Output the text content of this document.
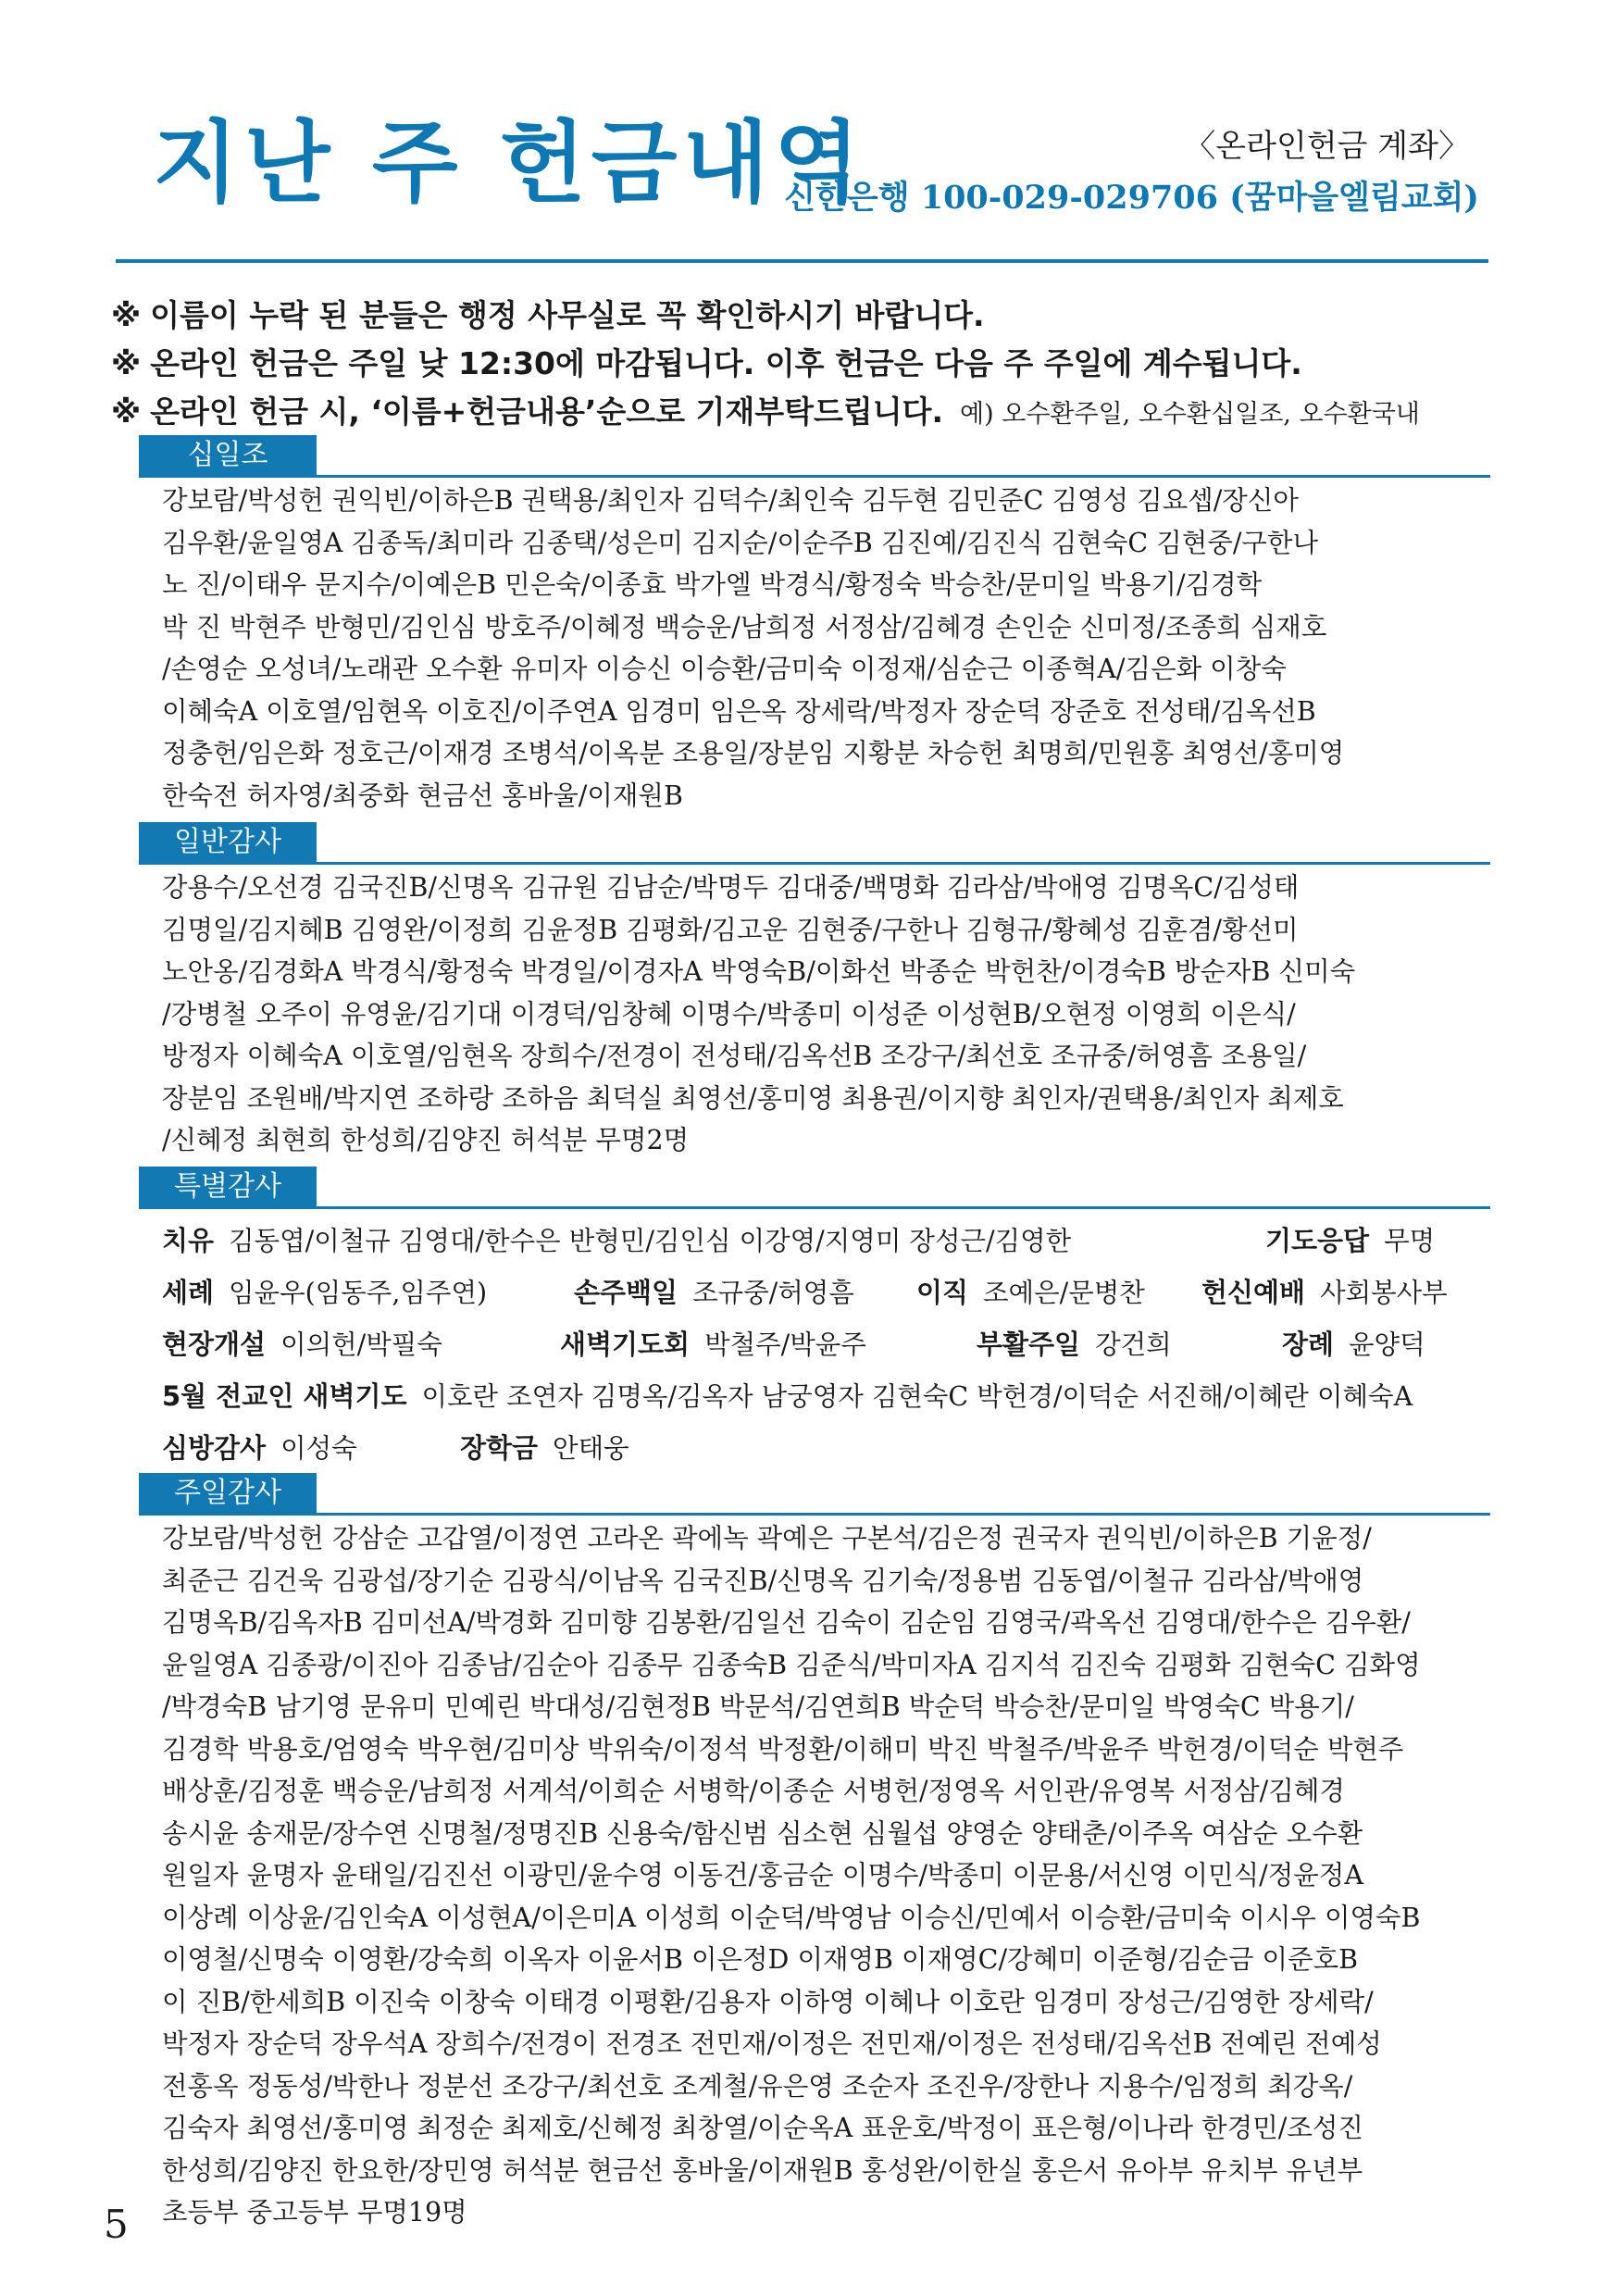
지난 주 헌금내역	〈온라인헌금 계좌〉
신한은행 100-029-029706 (꿈마을엘림교회)
※ 이름이 누락 된 분들은 행정 사무실로 꼭 확인하시기 바랍니다.
※ 온라인 헌금은 주일 낮 12:30에 마감됩니다. 이후 헌금은 다음 주 주일에 계수됩니다.
※ 온라인 헌금 시, ‘이름+헌금내용’순으로 기재부탁드립니다. 예) 오수환주일, 오수환십일조, 오수환국내
십일조
강보람/박성헌 권익빈/이하은B 권택용/최인자 김덕수/최인숙 김두현 김민준C 김영성 김요셉/장신아
김우환/윤일영A 김종독/최미라 김종택/성은미 김지순/이순주B 김진예/김진식 김현숙C 김현중/구한나
노 진/이태우 문지수/이예은B 민은숙/이종효 박가엘 박경식/황정숙 박승찬/문미일 박용기/김경학
박 진 박현주 반형민/김인심 방호주/이혜정 백승운/남희정 서정삼/김혜경 손인순 신미정/조종희 심재호
/손영순 오성녀/노래관 오수환 유미자 이승신 이승환/금미숙 이정재/심순근 이종혁A/김은화 이창숙
이혜숙A 이호열/임현옥 이호진/이주연A 임경미 임은옥 장세락/박정자 장순덕 장준호 전성태/김옥선B
정충헌/임은화 정호근/이재경 조병석/이옥분 조용일/장분임 지황분 차승헌 최명희/민원홍 최영선/홍미영
한숙전 허자영/최중화 현금선 홍바울/이재원B
일반감사
강용수/오선경 김국진B/신명옥 김규원 김남순/박명두 김대중/백명화 김라삼/박애영 김명옥C/김성태
김명일/김지혜B 김영완/이정희 김윤정B 김평화/김고운 김현중/구한나 김형규/황혜성 김훈겸/황선미
노안옹/김경화A 박경식/황정숙 박경일/이경자A 박영숙B/이화선 박종순 박헌찬/이경숙B 방순자B 신미숙
/강병철 오주이 유영윤/김기대 이경덕/임창혜 이명수/박종미 이성준 이성현B/오현정 이영희 이은식/
방정자 이혜숙A 이호열/임현옥 장희수/전경이 전성태/김옥선B 조강구/최선호 조규중/허영흠 조용일/
장분임 조원배/박지연 조하랑 조하음 최덕실 최영선/홍미영 최용권/이지향 최인자/권택용/최인자 최제호
/신혜정 최현희 한성희/김양진 허석분 무명2명
특별감사
치유 김동엽/이철규 김영대/한수은 반형민/김인심 이강영/지영미 장성근/김영한	기도응답 무명
세례 임윤우(임동주,임주연)	손주백일 조규중/허영흠 이직 조예은/문병찬 헌신예배 사회봉사부
현장개설 이의헌/박필숙	새벽기도회 박철주/박윤주	부활주일 강건희	장례 윤양덕
5월 전교인 새벽기도 이호란 조연자 김명옥/김옥자 남궁영자 김현숙C 박헌경/이덕순 서진해/이혜란 이혜숙A
심방감사 이성숙	장학금 안태웅
주일감사
강보람/박성헌 강삼순 고갑열/이정연 고라온 곽에녹 곽예은 구본석/김은정 권국자 권익빈/이하은B 기윤정/
최준근 김건욱 김광섭/장기순 김광식/이남옥 김국진B/신명옥 김기숙/정용범 김동엽/이철규 김라삼/박애영
김명옥B/김옥자B 김미선A/박경화 김미향 김봉환/김일선 김숙이 김순임 김영국/곽옥선 김영대/한수은 김우환/
윤일영A 김종광/이진아 김종남/김순아 김종무 김종숙B 김준식/박미자A 김지석 김진숙 김평화 김현숙C 김화영
/박경숙B 남기영 문유미 민예린 박대성/김현정B 박문석/김연희B 박순덕 박승찬/문미일 박영숙C 박용기/
김경학 박용호/엄영숙 박우현/김미상 박위숙/이정석 박정환/이해미 박진 박철주/박윤주 박헌경/이덕순 박현주
배상훈/김정훈 백승운/남희정 서계석/이희순 서병학/이종순 서병헌/정영옥 서인관/유영복 서정삼/김혜경
송시윤 송재문/장수연 신명철/정명진B 신용숙/함신범 심소현 심월섭 양영순 양태춘/이주옥 여삼순 오수환
원일자 윤명자 윤태일/김진선 이광민/윤수영 이동건/홍금순 이명수/박종미 이문용/서신영 이민식/정윤정A
이상례 이상윤/김인숙A 이성현A/이은미A 이성희 이순덕/박영남 이승신/민예서 이승환/금미숙 이시우 이영숙B
이영철/신명숙 이영환/강숙희 이옥자 이윤서B 이은정D 이재영B 이재영C/강혜미 이준형/김순금 이준호B
이 진B/한세희B 이진숙 이창숙 이태경 이평환/김용자 이하영 이혜나 이호란 임경미 장성근/김영한 장세락/
박정자 장순덕 장우석A 장희수/전경이 전경조 전민재/이정은 전민재/이정은 전성태/김옥선B 전예린 전예성
전홍옥 정동성/박한나 정분선 조강구/최선호 조계철/유은영 조순자 조진우/장한나 지용수/임정희 최강옥/
김숙자 최영선/홍미영 최정순 최제호/신혜정 최창열/이순옥A 표운호/박정이 표은형/이나라 한경민/조성진
한성희/김양진 한요한/장민영 허석분 현금선 홍바울/이재원B 홍성완/이한실 홍은서 유아부 유치부 유년부
초등부 중고등부 무명19명
5
